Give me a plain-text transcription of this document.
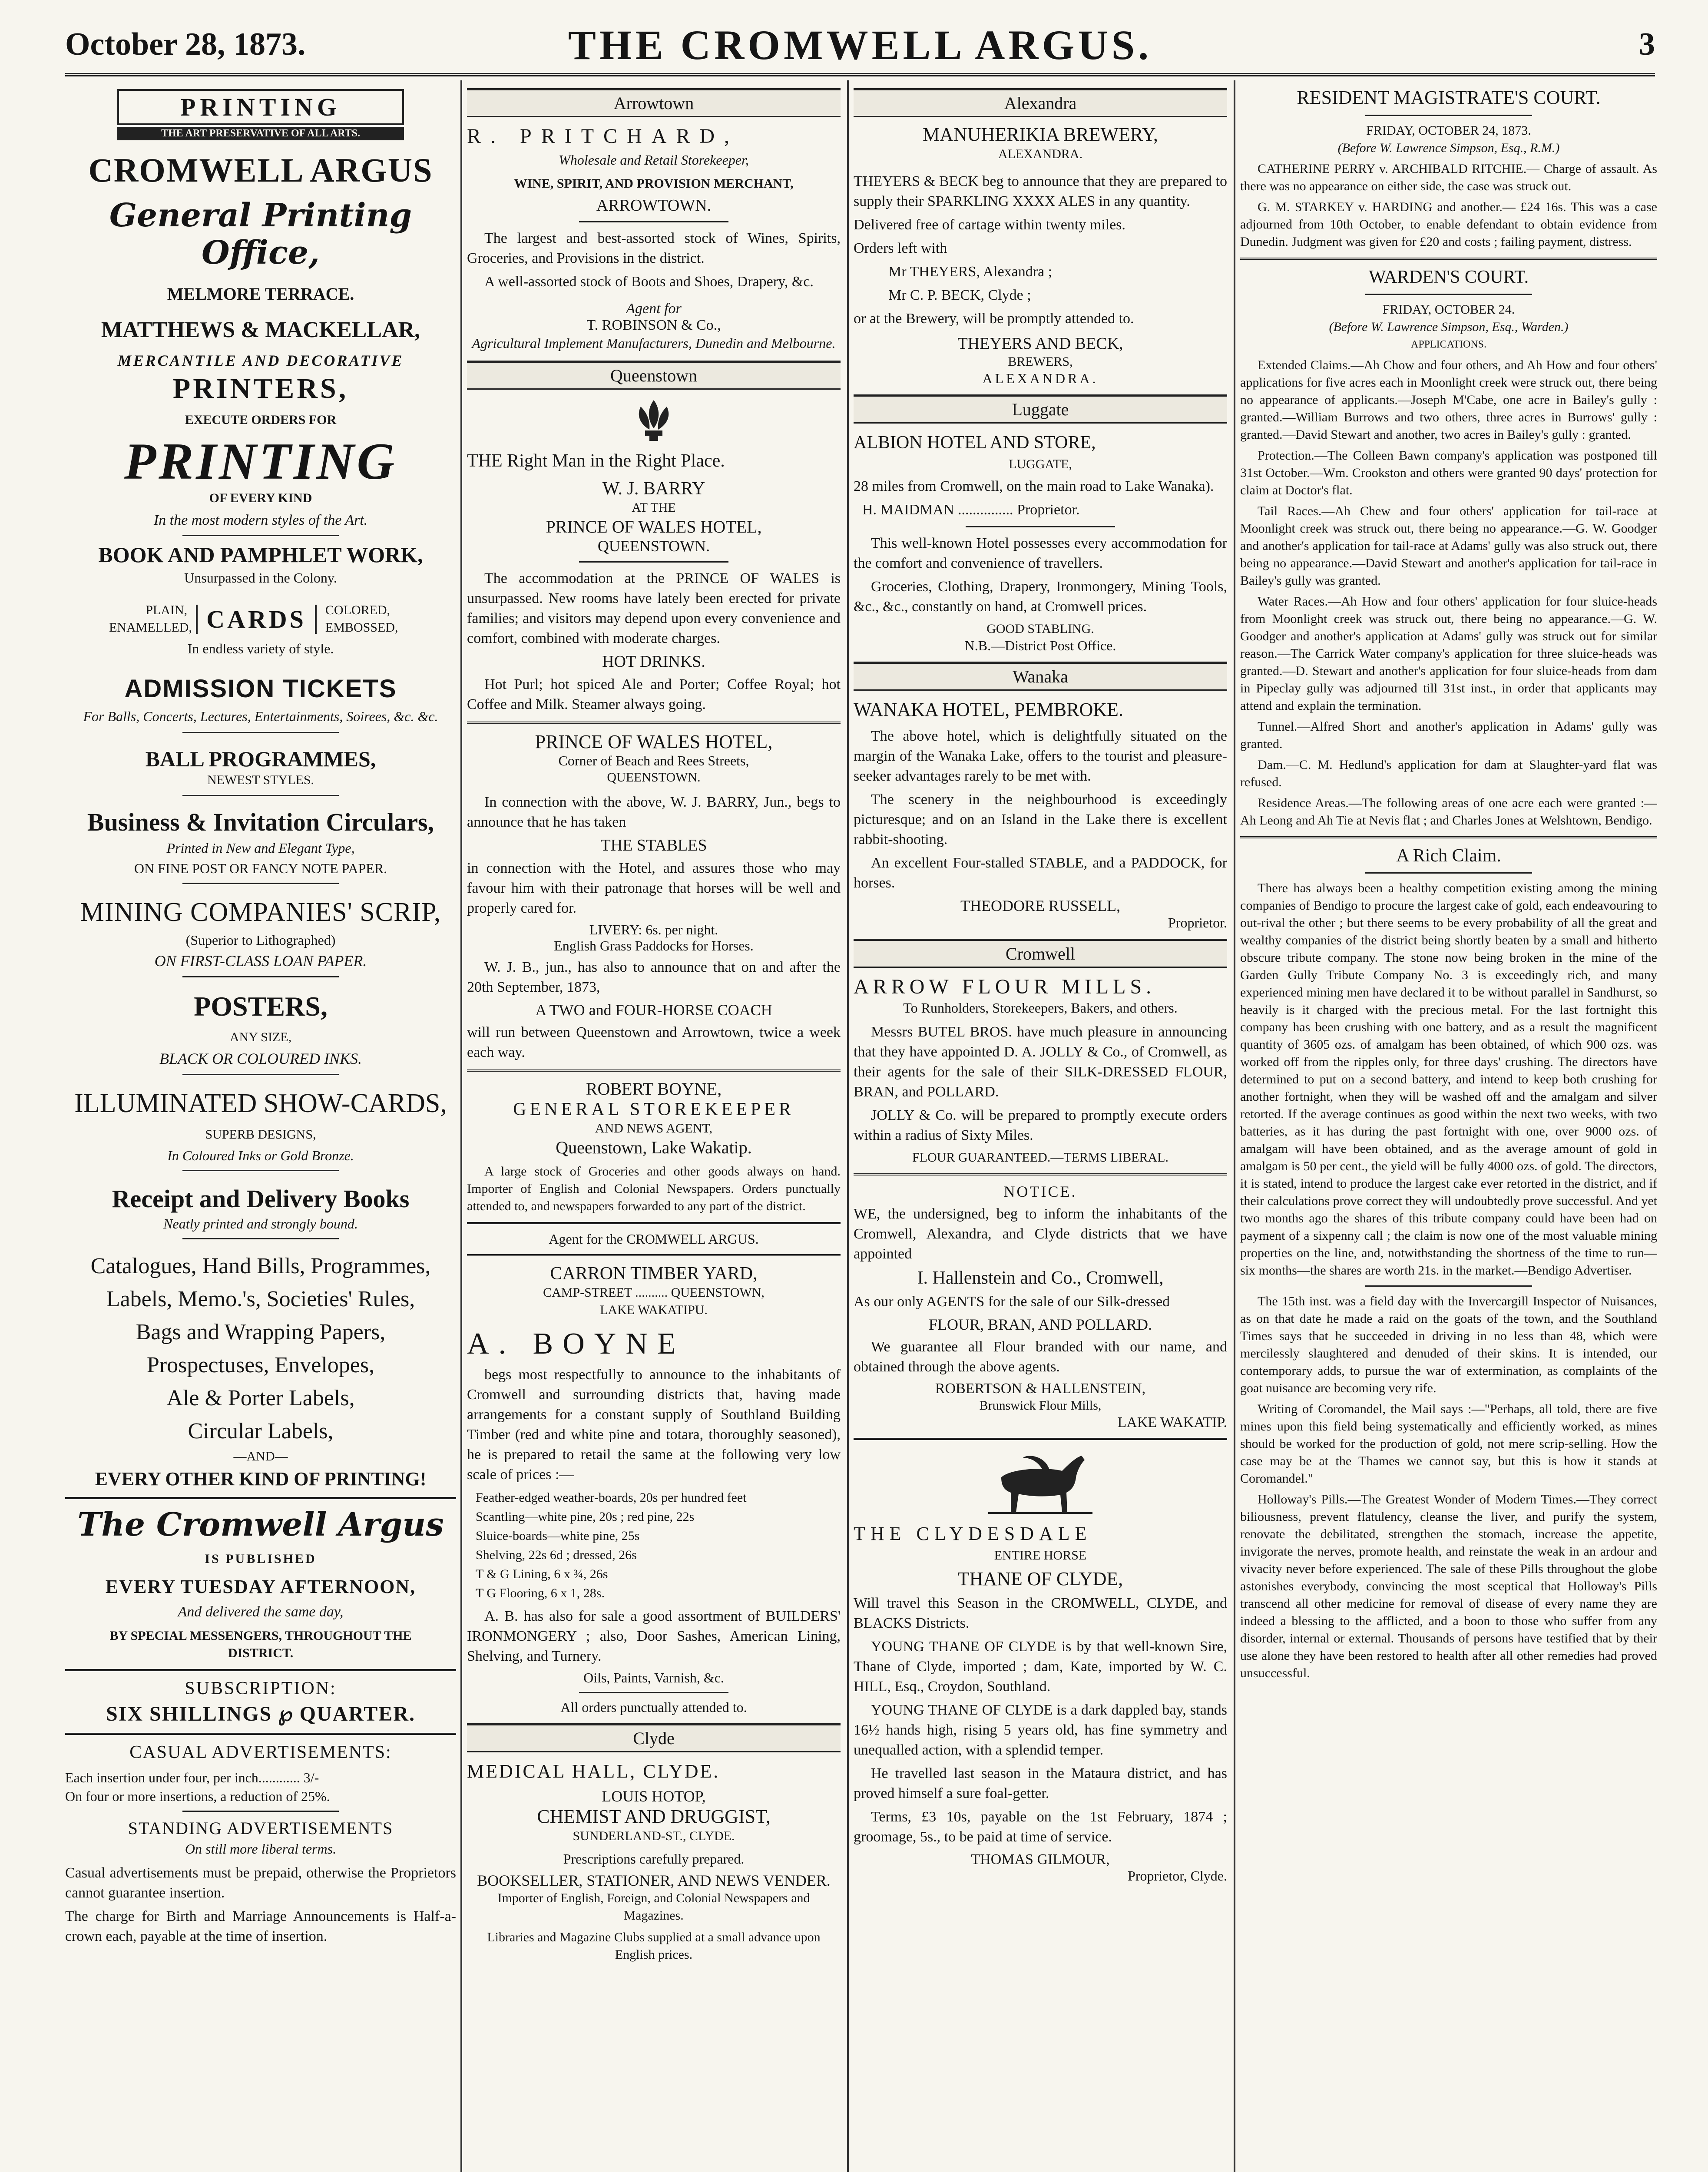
October 28, 1873.	THE CROMWELL ARGUS.	3
PRINTING
THE ART PRESERVATIVE OF ALL ARTS.
CROMWELL ARGUS
General Printing Office,
MELMORE TERRACE.
MATTHEWS & MACKELLAR,
MERCANTILE AND DECORATIVE
PRINTERS,
EXECUTE ORDERS FOR
PRINTING
OF EVERY KIND
In the most modern styles of the Art.
BOOK AND PAMPHLET WORK,
Unsurpassed in the Colony.
PLAIN, ENAMELLED, CARDS	COLORED, EMBOSSED,
In endless variety of style.
ADMISSION TICKETS
For Balls, Concerts, Lectures, Entertainments, Soirees, &c. &c.
BALL PROGRAMMES,
NEWEST STYLES.
Business & Invitation Circulars,
Printed in New and Elegant Type,
ON FINE POST OR FANCY NOTE PAPER.
MINING COMPANIES' SCRIP,
(Superior to Lithographed)
ON FIRST-CLASS LOAN PAPER.
POSTERS,
ANY SIZE,
BLACK OR COLOURED INKS.
ILLUMINATED SHOW-CARDS,
SUPERB DESIGNS,
In Coloured Inks or Gold Bronze.
Receipt and Delivery Books
Neatly printed and strongly bound.
Catalogues, Hand Bills, Programmes,
Labels, Memo.'s, Societies' Rules,
Bags and Wrapping Papers,
Prospectuses, Envelopes,
Ale & Porter Labels,
Circular Labels,
—AND—
EVERY OTHER KIND OF PRINTING!
The Cromwell Argus
IS PUBLISHED
EVERY TUESDAY AFTERNOON,
And delivered the same day,
BY SPECIAL MESSENGERS, THROUGHOUT THE DISTRICT.
SUBSCRIPTION:
SIX SHILLINGS ℘ QUARTER.
CASUAL ADVERTISEMENTS:
Each insertion under four, per inch............ 3/-
On four or more insertions, a reduction of 25%.
STANDING ADVERTISEMENTS
On still more liberal terms.
Casual advertisements must be prepaid, otherwise the Proprietors cannot guarantee insertion.
The charge for Birth and Marriage Announcements is Half-a-crown each, payable at the time of insertion.
Arrowtown
R. PRITCHARD,
Wholesale and Retail Storekeeper,
WINE, SPIRIT, AND PROVISION MERCHANT,
ARROWTOWN.
The largest and best-assorted stock of Wines, Spirits, Groceries, and Provisions in the district.
A well-assorted stock of Boots and Shoes, Drapery, &c.
Agent for
T. ROBINSON & Co.,
Agricultural Implement Manufacturers, Dunedin and Melbourne.
Queenstown
THE Right Man in the Right Place.
W. J. BARRY
AT THE
PRINCE OF WALES HOTEL,
QUEENSTOWN.
The accommodation at the PRINCE OF WALES is unsurpassed. New rooms have lately been erected for private families; and visitors may depend upon every convenience and comfort, combined with moderate charges.
HOT DRINKS.
Hot Purl; hot spiced Ale and Porter; Coffee Royal; hot Coffee and Milk. Steamer always going.
PRINCE OF WALES HOTEL,
Corner of Beach and Rees Streets,
QUEENSTOWN.
In connection with the above, W. J. BARRY, Jun., begs to announce that he has taken
THE STABLES
in connection with the Hotel, and assures those who may favour him with their patronage that horses will be well and properly cared for.
LIVERY: 6s. per night.
English Grass Paddocks for Horses.
W. J. B., jun., has also to announce that on and after the 20th September, 1873,
A TWO and FOUR-HORSE COACH
will run between Queenstown and Arrowtown, twice a week each way.
ROBERT BOYNE,
GENERAL STOREKEEPER
AND NEWS AGENT,
Queenstown, Lake Wakatip.
A large stock of Groceries and other goods always on hand. Importer of English and Colonial Newspapers. Orders punctually attended to, and newspapers forwarded to any part of the district.
Agent for the CROMWELL ARGUS.
CARRON TIMBER YARD,
CAMP-STREET .......... QUEENSTOWN,
LAKE WAKATIPU.
A. BOYNE
begs most respectfully to announce to the inhabitants of Cromwell and surrounding districts that, having made arrangements for a constant supply of Southland Building Timber (red and white pine and totara, thoroughly seasoned), he is prepared to retail the same at the following very low scale of prices :—
Feather-edged weather-boards, 20s per hundred feet
Scantling—white pine, 20s ; red pine, 22s
Sluice-boards—white pine, 25s
Shelving, 22s 6d ; dressed, 26s
T & G Lining, 6 x ¾, 26s
T G Flooring, 6 x 1, 28s.
A. B. has also for sale a good assortment of BUILDERS' IRONMONGERY ; also, Door Sashes, American Lining, Shelving, and Turnery.
Oils, Paints, Varnish, &c.
All orders punctually attended to.
Clyde
MEDICAL HALL, CLYDE.
LOUIS HOTOP,
CHEMIST AND DRUGGIST,
SUNDERLAND-ST., CLYDE.
Prescriptions carefully prepared.
BOOKSELLER, STATIONER, AND NEWS VENDER.
Importer of English, Foreign, and Colonial Newspapers and Magazines.
Libraries and Magazine Clubs supplied at a small advance upon English prices.
Alexandra
MANUHERIKIA BREWERY,
ALEXANDRA.
THEYERS & BECK beg to announce that they are prepared to supply their SPARKLING XXXX ALES in any quantity.
Delivered free of cartage within twenty miles.
Orders left with
Mr THEYERS, Alexandra ;
Mr C. P. BECK, Clyde ;
or at the Brewery, will be promptly attended to.
THEYERS AND BECK,
BREWERS,
ALEXANDRA.
Luggate
ALBION HOTEL AND STORE,
LUGGATE,
28 miles from Cromwell, on the main road to Lake Wanaka).
H. MAIDMAN ............... Proprietor.
This well-known Hotel possesses every accommodation for the comfort and convenience of travellers.
Groceries, Clothing, Drapery, Ironmongery, Mining Tools, &c., &c., constantly on hand, at Cromwell prices.
GOOD STABLING.
N.B.—District Post Office.
Wanaka
WANAKA HOTEL, PEMBROKE.
The above hotel, which is delightfully situated on the margin of the Wanaka Lake, offers to the tourist and pleasure-seeker advantages rarely to be met with.
The scenery in the neighbourhood is exceedingly picturesque; and on an Island in the Lake there is excellent rabbit-shooting.
An excellent Four-stalled STABLE, and a PADDOCK, for horses.
THEODORE RUSSELL,
Proprietor.
Cromwell
ARROW FLOUR MILLS.
To Runholders, Storekeepers, Bakers, and others.
Messrs BUTEL BROS. have much pleasure in announcing that they have appointed D. A. JOLLY & Co., of Cromwell, as their agents for the sale of their SILK-DRESSED FLOUR, BRAN, and POLLARD.
JOLLY & Co. will be prepared to promptly execute orders within a radius of Sixty Miles.
FLOUR GUARANTEED.—TERMS LIBERAL.
NOTICE.
WE, the undersigned, beg to inform the inhabitants of the Cromwell, Alexandra, and Clyde districts that we have appointed
I. Hallenstein and Co., Cromwell,
As our only AGENTS for the sale of our Silk-dressed
FLOUR, BRAN, AND POLLARD.
We guarantee all Flour branded with our name, and obtained through the above agents.
ROBERTSON & HALLENSTEIN,
Brunswick Flour Mills,
LAKE WAKATIP.
THE CLYDESDALE
ENTIRE HORSE
THANE OF CLYDE,
Will travel this Season in the CROMWELL, CLYDE, and BLACKS Districts.
YOUNG THANE OF CLYDE is by that well-known Sire, Thane of Clyde, imported ; dam, Kate, imported by W. C. HILL, Esq., Croydon, Southland.
YOUNG THANE OF CLYDE is a dark dappled bay, stands 16½ hands high, rising 5 years old, has fine symmetry and unequalled action, with a splendid temper.
He travelled last season in the Mataura district, and has proved himself a sure foal-getter.
Terms, £3 10s, payable on the 1st February, 1874 ; groomage, 5s., to be paid at time of service.
THOMAS GILMOUR,
Proprietor, Clyde.
RESIDENT MAGISTRATE'S COURT.
FRIDAY, OCTOBER 24, 1873.
(Before W. Lawrence Simpson, Esq., R.M.)
CATHERINE PERRY v. ARCHIBALD RITCHIE.— Charge of assault. As there was no appearance on either side, the case was struck out.
G. M. STARKEY v. HARDING and another.— £24 16s. This was a case adjourned from 10th October, to enable defendant to obtain evidence from Dunedin. Judgment was given for £20 and costs ; failing payment, distress.
WARDEN'S COURT.
FRIDAY, OCTOBER 24.
(Before W. Lawrence Simpson, Esq., Warden.)
APPLICATIONS.
Extended Claims.—Ah Chow and four others, and Ah How and four others' applications for five acres each in Moonlight creek were struck out, there being no appearance of applicants.—Joseph M'Cabe, one acre in Bailey's gully : granted.—William Burrows and two others, three acres in Burrows' gully : granted.—David Stewart and another, two acres in Bailey's gully : granted.
Protection.—The Colleen Bawn company's application was postponed till 31st October.—Wm. Crookston and others were granted 90 days' protection for claim at Doctor's flat.
Tail Races.—Ah Chew and four others' application for tail-race at Moonlight creek was struck out, there being no appearance.—G. W. Goodger and another's application for tail-race at Adams' gully was also struck out, there being no appearance.—David Stewart and another's application for tail-race in Bailey's gully was granted.
Water Races.—Ah How and four others' application for four sluice-heads from Moonlight creek was struck out, there being no appearance.—G. W. Goodger and another's application at Adams' gully was struck out for similar reason.—The Carrick Water company's application for three sluice-heads was granted.—D. Stewart and another's application for four sluice-heads from dam in Pipeclay gully was adjourned till 31st inst., in order that applicants may attend and explain the termination.
Tunnel.—Alfred Short and another's application in Adams' gully was granted.
Dam.—C. M. Hedlund's application for dam at Slaughter-yard flat was refused.
Residence Areas.—The following areas of one acre each were granted :—Ah Leong and Ah Tie at Nevis flat ; and Charles Jones at Welshtown, Bendigo.
A Rich Claim.
There has always been a healthy competition existing among the mining companies of Bendigo to procure the largest cake of gold, each endeavouring to out-rival the other ; but there seems to be every probability of all the great and wealthy companies of the district being shortly beaten by a small and hitherto obscure tribute company. The stone now being broken in the mine of the Garden Gully Tribute Company No. 3 is exceedingly rich, and many experienced mining men have declared it to be without parallel in Sandhurst, so heavily is it charged with the precious metal. For the last fortnight this company has been crushing with one battery, and as a result the magnificent quantity of 3605 ozs. of amalgam has been obtained, of which 900 ozs. was worked off from the ripples only, for three days' crushing. The directors have determined to put on a second battery, and intend to keep both crushing for another fortnight, when they will be washed off and the amalgam and silver retorted. If the average continues as good within the next two weeks, with two batteries, as it has during the past fortnight with one, over 9000 ozs. of amalgam will have been obtained, and as the average amount of gold in amalgam is 50 per cent., the yield will be fully 4000 ozs. of gold. The directors, it is stated, intend to produce the largest cake ever retorted in the district, and if their calculations prove correct they will undoubtedly prove successful. And yet two months ago the shares of this tribute company could have been had on payment of a sixpenny call ; the claim is now one of the most valuable mining properties on the line, and, notwithstanding the shortness of the time to run—six months—the shares are worth 21s. in the market.—Bendigo Advertiser.
The 15th inst. was a field day with the Invercargill Inspector of Nuisances, as on that date he made a raid on the goats of the town, and the Southland Times says that he succeeded in driving in no less than 48, which were mercilessly slaughtered and denuded of their skins. It is intended, our contemporary adds, to pursue the war of extermination, as complaints of the goat nuisance are becoming very rife.
Writing of Coromandel, the Mail says :—"Perhaps, all told, there are five mines upon this field being systematically and efficiently worked, as mines should be worked for the production of gold, not mere scrip-selling. How the case may be at the Thames we cannot say, but this is how it stands at Coromandel."
Holloway's Pills.—The Greatest Wonder of Modern Times.—They correct biliousness, prevent flatulency, cleanse the liver, and purify the system, renovate the debilitated, strengthen the stomach, increase the appetite, invigorate the nerves, promote health, and reinstate the weak in an ardour and vivacity never before experienced. The sale of these Pills throughout the globe astonishes everybody, convincing the most sceptical that Holloway's Pills transcend all other medicine for removal of disease of every name they are indeed a blessing to the afflicted, and a boon to those who suffer from any disorder, internal or external. Thousands of persons have testified that by their use alone they have been restored to health after all other remedies had proved unsuccessful.
